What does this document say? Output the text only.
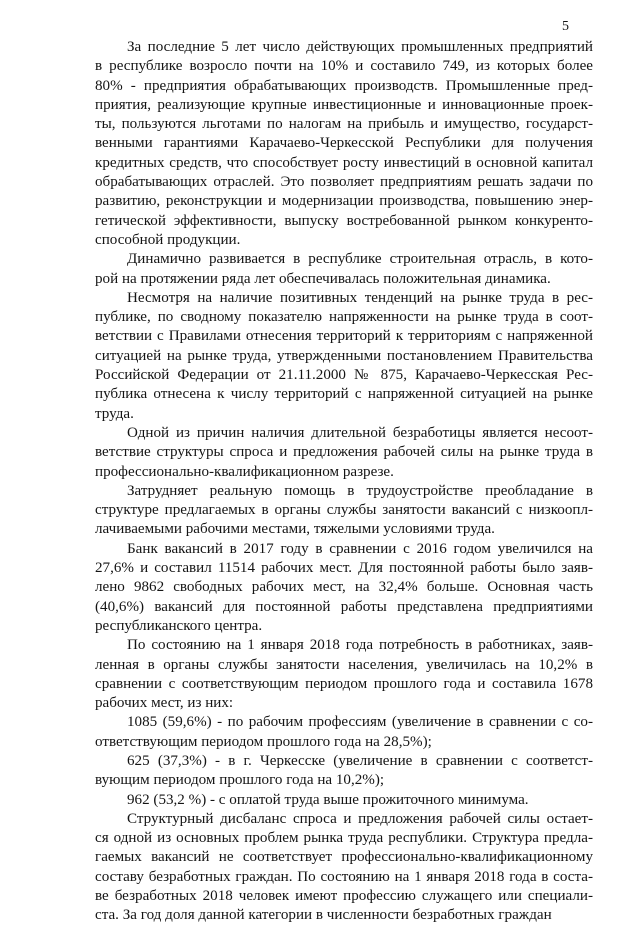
5
За последние 5 лет число действующих промышленных предприятий
в республике возросло почти на 10% и составило 749, из которых более
80% - предприятия обрабатывающих производств. Промышленные пред-
приятия, реализующие крупные инвестиционные и инновационные проек-
ты, пользуются льготами по налогам на прибыль и имущество, государст-
венными гарантиями Карачаево-Черкесской Республики для получения
кредитных средств, что способствует росту инвестиций в основной капитал
обрабатывающих отраслей. Это позволяет предприятиям решать задачи по
развитию, реконструкции и модернизации производства, повышению энер-
гетической эффективности, выпуску востребованной рынком конкуренто-
способной продукции.
Динамично развивается в республике строительная отрасль, в кото-
рой на протяжении ряда лет обеспечивалась положительная динамика.
Несмотря на наличие позитивных тенденций на рынке труда в рес-
публике, по сводному показателю напряженности на рынке труда в соот-
ветствии с Правилами отнесения территорий к территориям с напряженной
ситуацией на рынке труда, утвержденными постановлением Правительства
Российской Федерации от 21.11.2000 № 875, Карачаево-Черкесская Рес-
публика отнесена к числу территорий с напряженной ситуацией на рынке
труда.
Одной из причин наличия длительной безработицы является несоот-
ветствие структуры спроса и предложения рабочей силы на рынке труда в
профессионально-квалификационном разрезе.
Затрудняет реальную помощь в трудоустройстве преобладание в
структуре предлагаемых в органы службы занятости вакансий с низкоопл-
лачиваемыми рабочими местами, тяжелыми условиями труда.
Банк вакансий в 2017 году в сравнении с 2016 годом увеличился на
27,6% и составил 11514 рабочих мест. Для постоянной работы было заяв-
лено 9862 свободных рабочих мест, на 32,4% больше. Основная часть
(40,6%) вакансий для постоянной работы представлена предприятиями
республиканского центра.
По состоянию на 1 января 2018 года потребность в работниках, заяв-
ленная в органы службы занятости населения, увеличилась на 10,2% в
сравнении с соответствующим периодом прошлого года и составила 1678
рабочих мест, из них:
1085 (59,6%) - по рабочим профессиям (увеличение в сравнении с со-
ответствующим периодом прошлого года на 28,5%);
625 (37,3%) - в г. Черкесске (увеличение в сравнении с соответст-
вующим периодом прошлого года на 10,2%);
962 (53,2 %) - с оплатой труда выше прожиточного минимума.
Структурный дисбаланс спроса и предложения рабочей силы остает-
ся одной из основных проблем рынка труда республики. Структура предла-
гаемых вакансий не соответствует профессионально-квалификационному
составу безработных граждан. По состоянию на 1 января 2018 года в соста-
ве безработных 2018 человек имеют профессию служащего или специали-
ста. За год доля данной категории в численности безработных граждан
